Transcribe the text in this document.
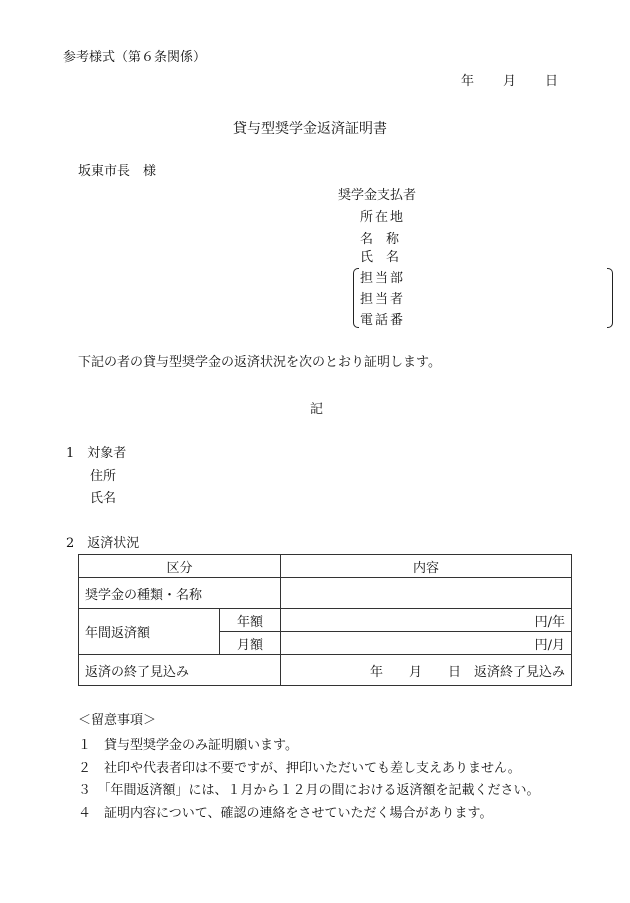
参考様式（第６条関係）
年　　月　　日
貸与型奨学金返済証明書
坂東市長　様
奨学金支払者
所在地
名　称
氏　名
担当部
担当者
電話番
下記の者の貸与型奨学金の返済状況を次のとおり証明します。
記
1　対象者
住所
氏名
2　返済状況
区分		内容
奨学金の種類・名称		
年間返済額	年額	円/年
	月額	円/月
返済の終了見込み		年　　月　　日　返済終了見込み
＜留意事項＞
１　貸与型奨学金のみ証明願います。
２　社印や代表者印は不要ですが、押印いただいても差し支えありません。
３　「年間返済額」には、１月から１２月の間における返済額を記載ください。
４　証明内容について、確認の連絡をさせていただく場合があります。
